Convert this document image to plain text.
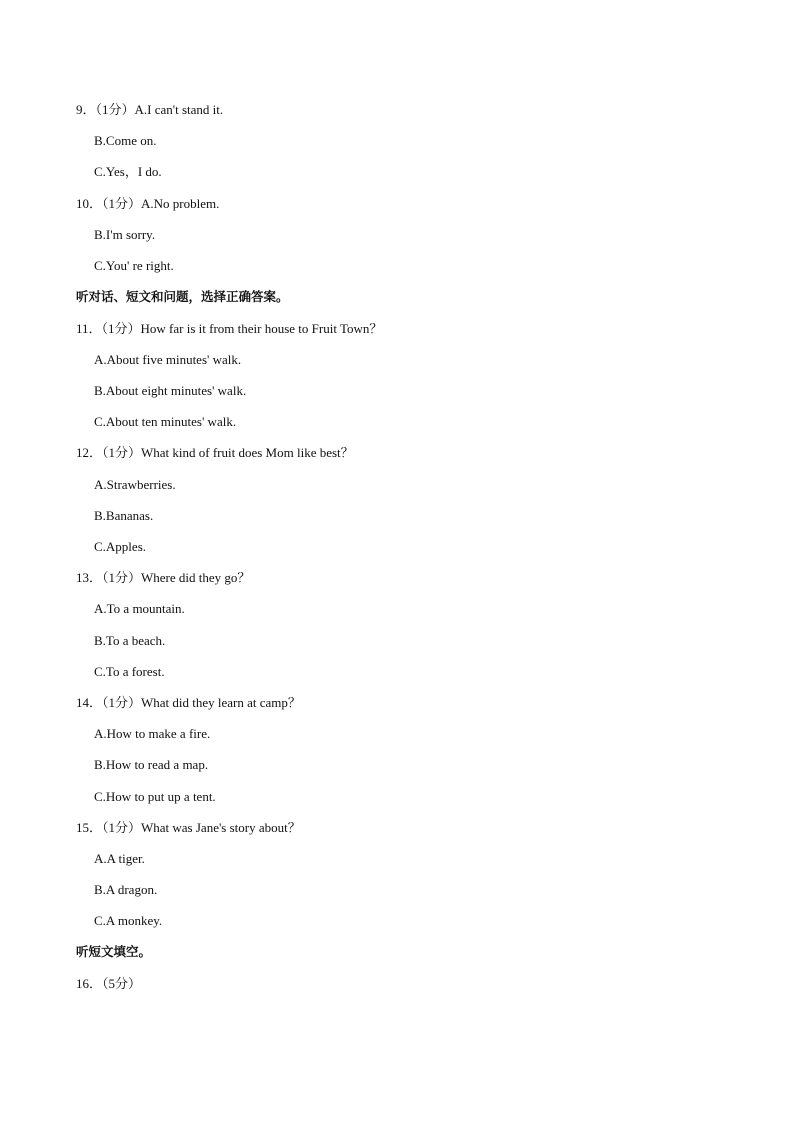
9．（1分）A.I can't stand it.
B.Come on.
C.Yes，I do.
10．（1分）A.No problem.
B.I'm sorry.
C.You' re right.
听对话、短文和问题，选择正确答案。
11．（1分）How far is it from their house to Fruit Town？
A.About five minutes' walk.
B.About eight minutes' walk.
C.About ten minutes' walk.
12．（1分）What kind of fruit does Mom like best？
A.Strawberries.
B.Bananas.
C.Apples.
13．（1分）Where did they go？
A.To a mountain.
B.To a beach.
C.To a forest.
14．（1分）What did they learn at camp？
A.How to make a fire.
B.How to read a map.
C.How to put up a tent.
15．（1分）What was Jane's story about？
A.A tiger.
B.A dragon.
C.A monkey.
听短文填空。
16．（5分）
